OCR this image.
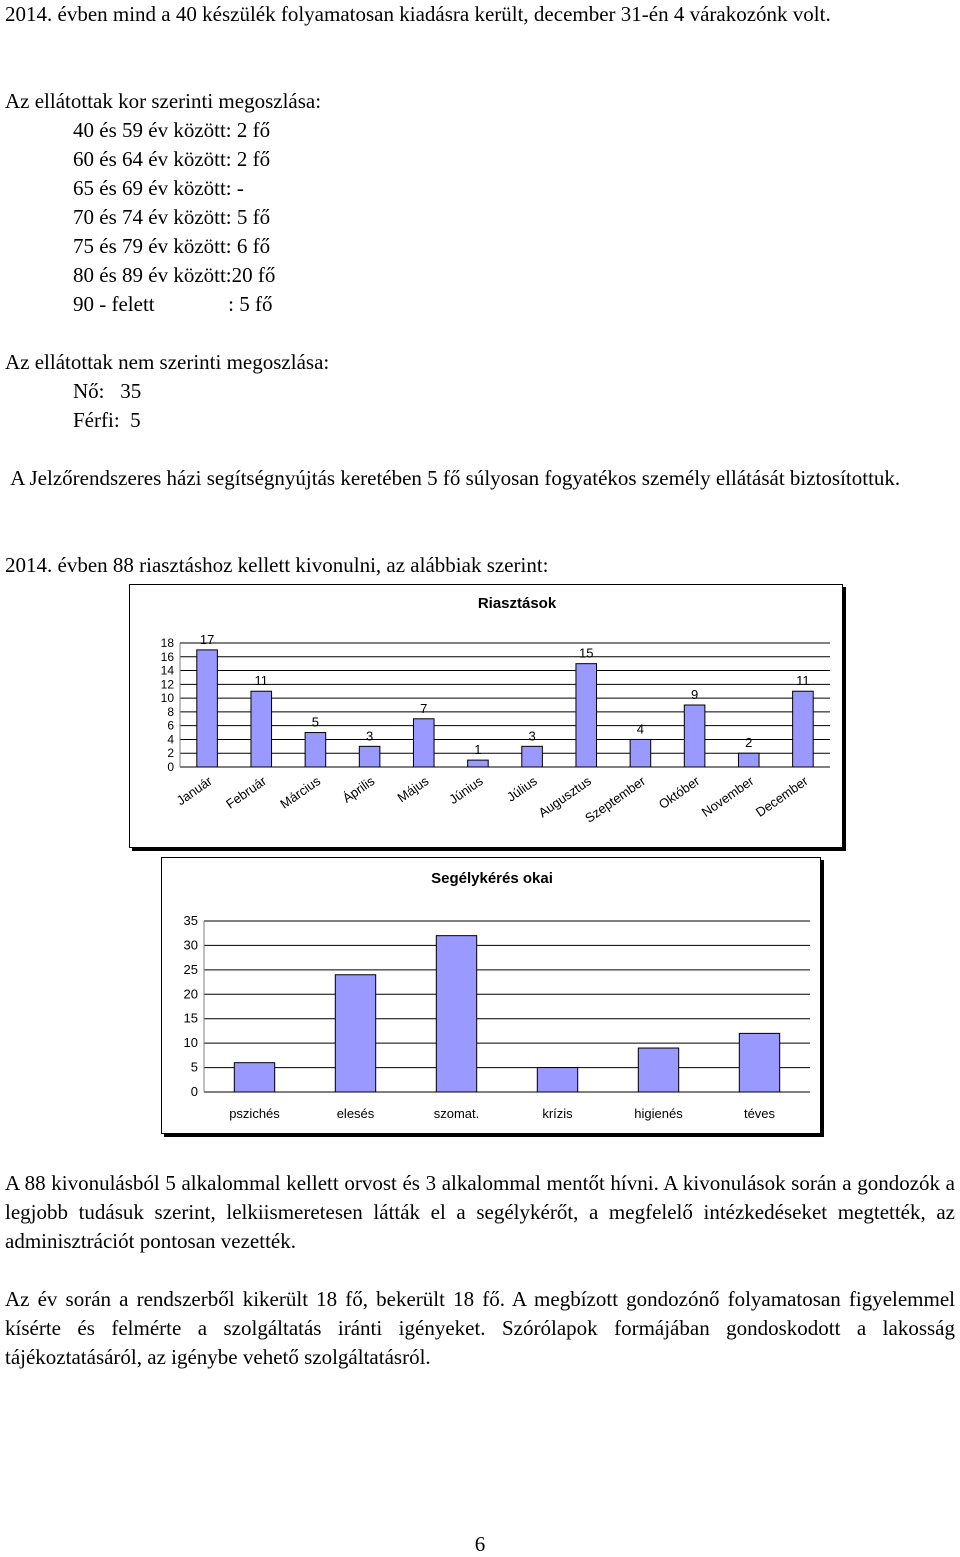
2014. évben mind a 40 készülék folyamatosan kiadásra került, december 31-én 4 várakozónk volt.

Az ellátottak kor szerinti megoszlása:

40 és 59 év között: 2 fő

60 és 64 év között: 2 fő

65 és 69 év között: -

70 és 74 év között: 5 fő

75 és 79 év között: 6 fő

80 és 89 év között:20 fő

90 - felett              : 5 fő

Az ellátottak nem szerinti megoszlása:

Nő:   35

Férfi:  5

A Jelzőrendszeres házi segítségnyújtás keretében 5 fő súlyosan fogyatékos személy ellátását biztosítottuk.

2014. évben 88 riasztáshoz kellett kivonulni, az alábbiak szerint:

Riasztások
0
2
4
6
8
10
12
14
16
18 17
Január
11
Február
5
Március
3
Április
7
Május
1
Június
3
Július
15
Augusztus
4
Szeptember
9
Október
2
November
11
December
Segélykérés okai
0
5
10
15
20
25
30
35
pszichés	elesés	szomat.	krízis	higienés	téves

A 88 kivonulásból 5 alkalommal kellett orvost és 3 alkalommal mentőt hívni. A kivonulások során a gondozók a legjobb tudásuk szerint, lelkiismeretesen látták el a segélykérőt, a megfelelő intézkedéseket megtették, az adminisztrációt pontosan vezették.

Az év során a rendszerből kikerült 18 fő, bekerült 18 fő. A megbízott gondozónő folyamatosan figyelemmel kísérte és felmérte a szolgáltatás iránti igényeket. Szórólapok formájában gondoskodott a lakosság tájékoztatásáról, az igénybe vehető szolgáltatásról.

6
